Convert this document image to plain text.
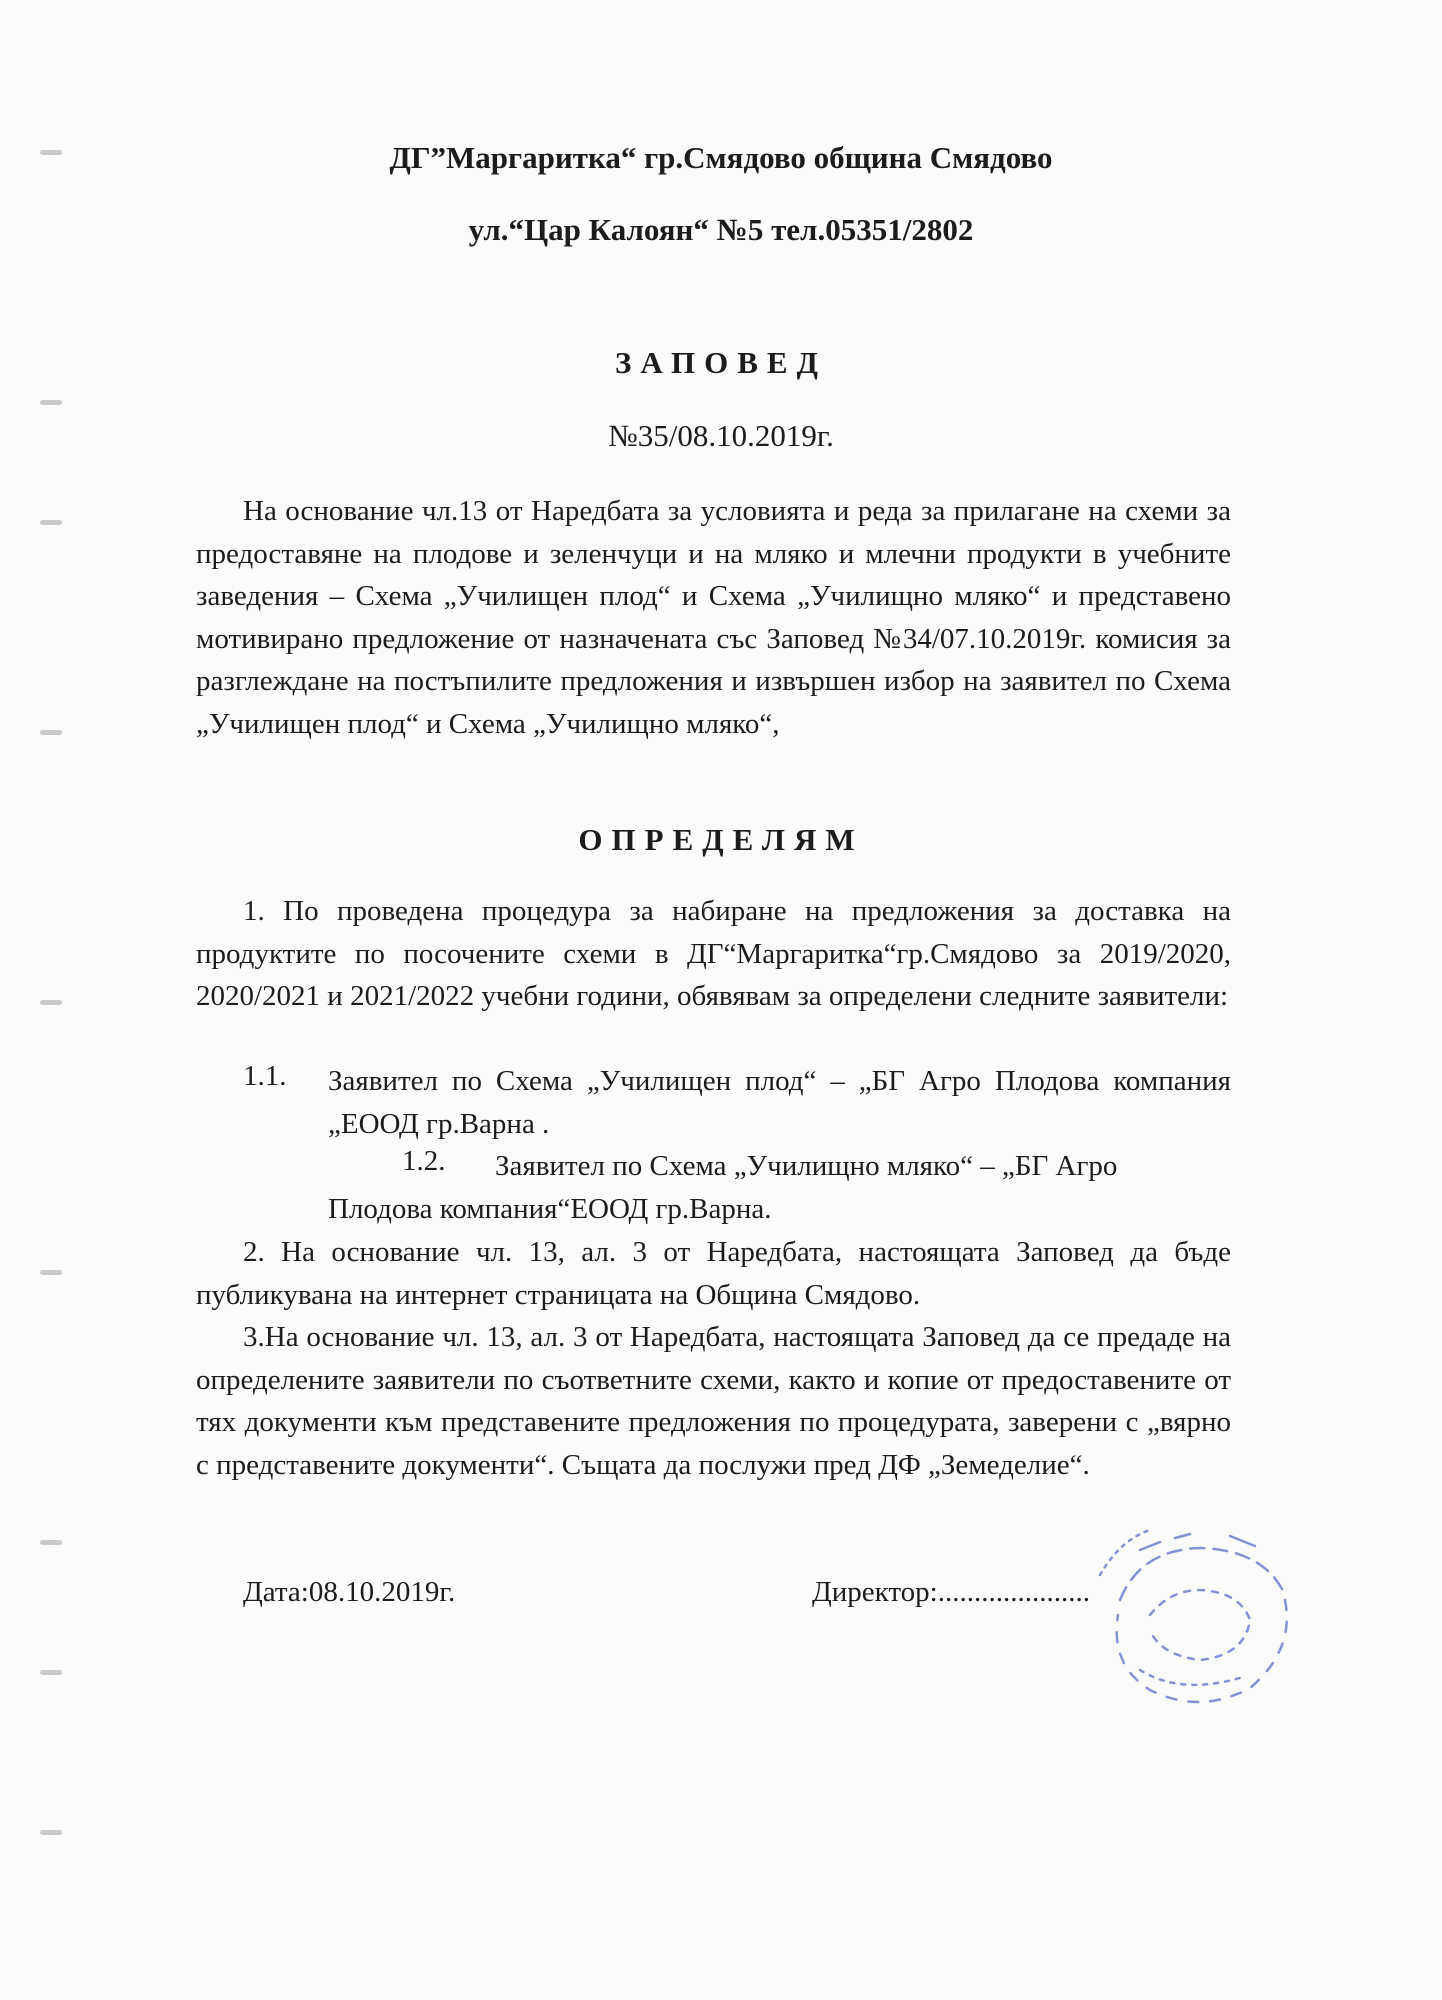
ДГ”Маргаритка“ гр.Смядово община Смядово
ул.“Цар Калоян“ №5 тел.05351/2802
ЗАПОВЕД
№35/08.10.2019г.
На основание чл.13 от Наредбата за условията и реда за прилагане на схеми за предоставяне на плодове и зеленчуци и на мляко и млечни продукти в учебните заведения – Схема „Училищен плод“ и Схема „Училищно мляко“ и представено мотивирано предложение от назначената със Заповед №34/07.10.2019г. комисия за разглеждане на постъпилите предложения и извършен избор на заявител по Схема „Училищен плод“ и Схема „Училищно мляко“,
ОПРЕДЕЛЯМ
1. По проведена процедура за набиране на предложения за доставка на продуктите по посочените схеми в ДГ“Маргаритка“гр.Смядово за 2019/2020, 2020/2021 и 2021/2022 учебни години, обявявам за определени следните заявители:
1.1. Заявител по Схема „Училищен плод“ – „БГ Агро Плодова компания „ЕООД гр.Варна .
1.2. Заявител по Схема „Училищно мляко“ – „БГ Агро
Плодова компания“ЕООД гр.Варна.
2. На основание чл. 13, ал. 3 от Наредбата, настоящата Заповед да бъде публикувана на интернет страницата на Община Смядово.
3.На основание чл. 13, ал. 3 от Наредбата, настоящата Заповед да се предаде на определените заявители по съответните схеми, както и копие от предоставените от тях документи към представените предложения по процедурата, заверени с „вярно с представените документи“. Същата да послужи пред ДФ „Земеделие“.
Дата:08.10.2019г.	Директор:.....................
